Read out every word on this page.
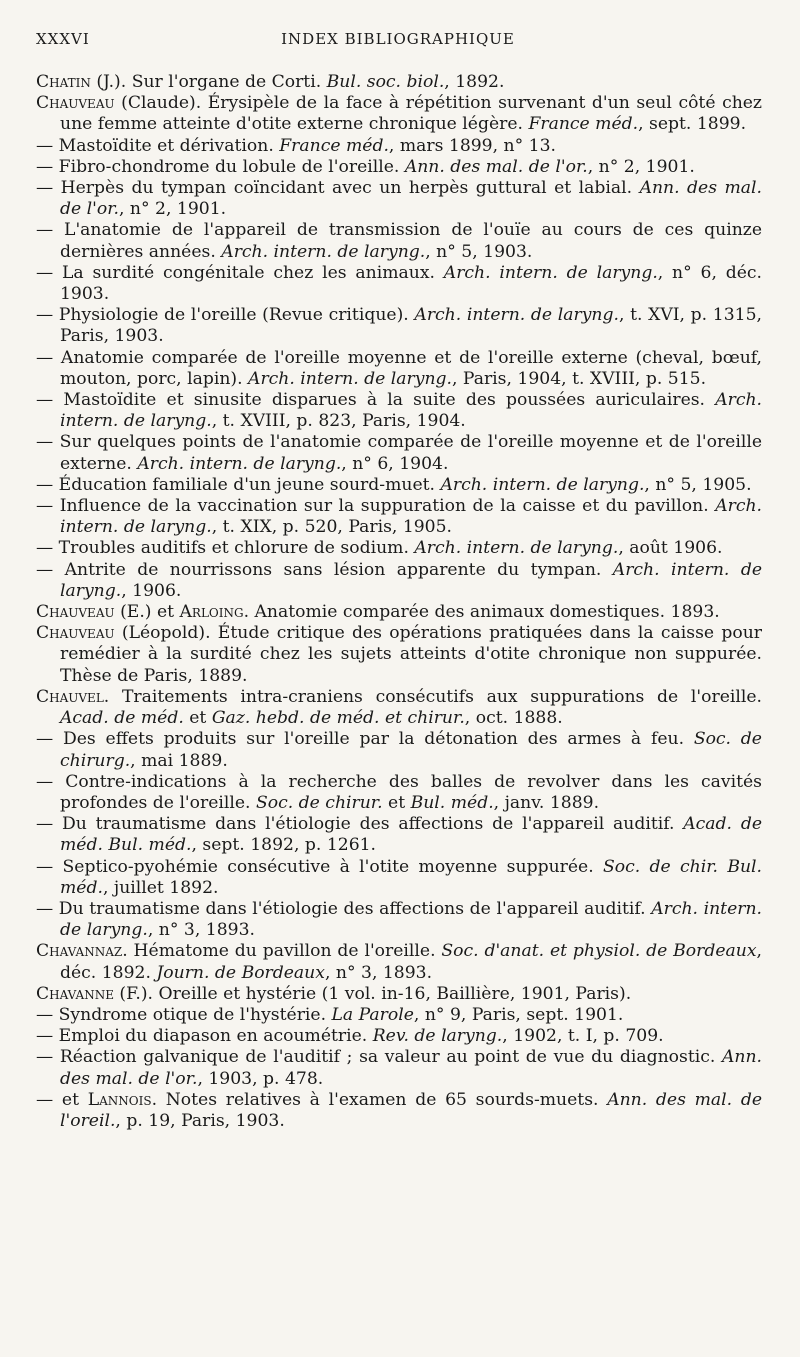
XXXVI	INDEX BIBLIOGRAPHIQUE
Chatin (J.). Sur l'organe de Corti. Bul. soc. biol., 1892.
Chauveau (Claude). Érysipèle de la face à répétition survenant d'un seul côté chez une femme atteinte d'otite externe chronique légère. France méd., sept. 1899.
— Mastoïdite et dérivation. France méd., mars 1899, n° 13.
— Fibro-chondrome du lobule de l'oreille. Ann. des mal. de l'or., n° 2, 1901.
— Herpès du tympan coïncidant avec un herpès guttural et labial. Ann. des mal. de l'or., n° 2, 1901.
— L'anatomie de l'appareil de transmission de l'ouïe au cours de ces quinze dernières années. Arch. intern. de laryng., n° 5, 1903.
— La surdité congénitale chez les animaux. Arch. intern. de laryng., n° 6, déc. 1903.
— Physiologie de l'oreille (Revue critique). Arch. intern. de laryng., t. XVI, p. 1315, Paris, 1903.
— Anatomie comparée de l'oreille moyenne et de l'oreille externe (cheval, bœuf, mouton, porc, lapin). Arch. intern. de laryng., Paris, 1904, t. XVIII, p. 515.
— Mastoïdite et sinusite disparues à la suite des poussées auriculaires. Arch. intern. de laryng., t. XVIII, p. 823, Paris, 1904.
— Sur quelques points de l'anatomie comparée de l'oreille moyenne et de l'oreille externe. Arch. intern. de laryng., n° 6, 1904.
— Éducation familiale d'un jeune sourd-muet. Arch. intern. de laryng., n° 5, 1905.
— Influence de la vaccination sur la suppuration de la caisse et du pavillon. Arch. intern. de laryng., t. XIX, p. 520, Paris, 1905.
— Troubles auditifs et chlorure de sodium. Arch. intern. de laryng., août 1906.
— Antrite de nourrissons sans lésion apparente du tympan. Arch. intern. de laryng., 1906.
Chauveau (E.) et Arloing. Anatomie comparée des animaux domestiques. 1893.
Chauveau (Léopold). Étude critique des opérations pratiquées dans la caisse pour remédier à la surdité chez les sujets atteints d'otite chronique non suppurée. Thèse de Paris, 1889.
Chauvel. Traitements intra-craniens consécutifs aux suppurations de l'oreille. Acad. de méd. et Gaz. hebd. de méd. et chirur., oct. 1888.
— Des effets produits sur l'oreille par la détonation des armes à feu. Soc. de chirurg., mai 1889.
— Contre-indications à la recherche des balles de revolver dans les cavités profondes de l'oreille. Soc. de chirur. et Bul. méd., janv. 1889.
— Du traumatisme dans l'étiologie des affections de l'appareil auditif. Acad. de méd. Bul. méd., sept. 1892, p. 1261.
— Septico-pyohémie consécutive à l'otite moyenne suppurée. Soc. de chir. Bul. méd., juillet 1892.
— Du traumatisme dans l'étiologie des affections de l'appareil auditif. Arch. intern. de laryng., n° 3, 1893.
Chavannaz. Hématome du pavillon de l'oreille. Soc. d'anat. et physiol. de Bordeaux, déc. 1892. Journ. de Bordeaux, n° 3, 1893.
Chavanne (F.). Oreille et hystérie (1 vol. in-16, Baillière, 1901, Paris).
— Syndrome otique de l'hystérie. La Parole, n° 9, Paris, sept. 1901.
— Emploi du diapason en acoumétrie. Rev. de laryng., 1902, t. I, p. 709.
— Réaction galvanique de l'auditif ; sa valeur au point de vue du diagnostic. Ann. des mal. de l'or., 1903, p. 478.
— et Lannois. Notes relatives à l'examen de 65 sourds-muets. Ann. des mal. de l'oreil., p. 19, Paris, 1903.
